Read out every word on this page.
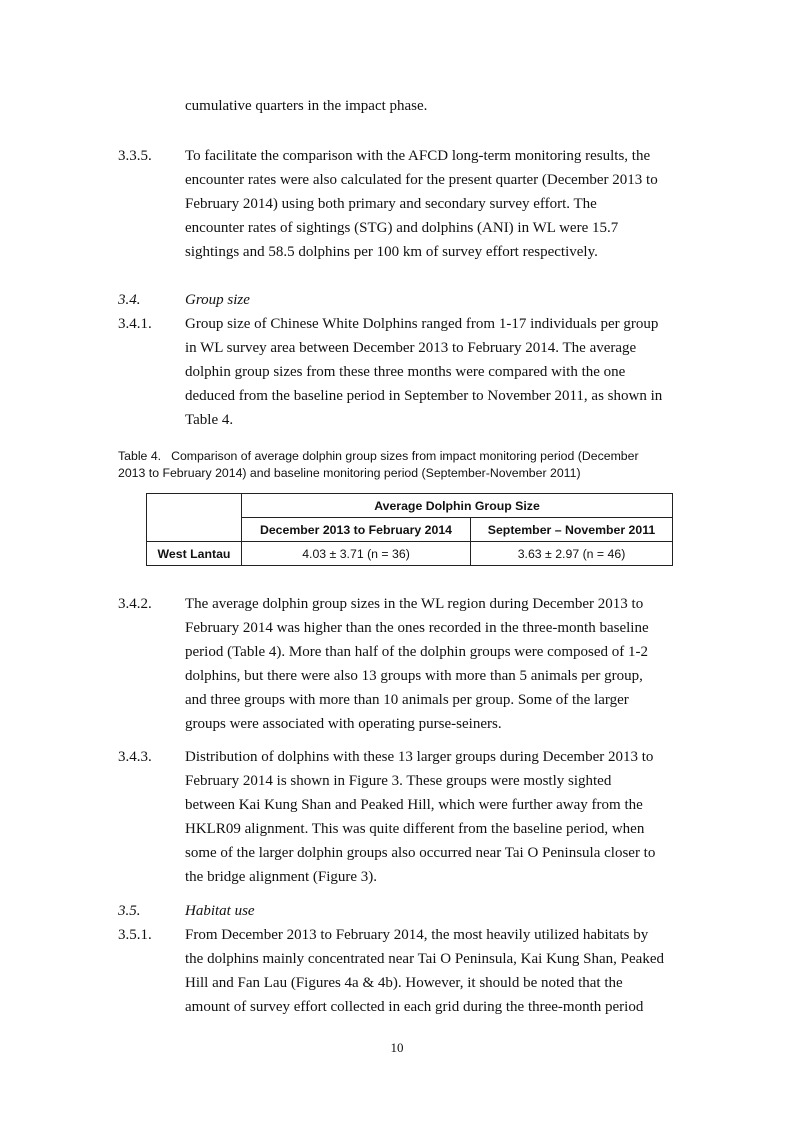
cumulative quarters in the impact phase.
3.3.5. To facilitate the comparison with the AFCD long-term monitoring results, the
encounter rates were also calculated for the present quarter (December 2013 to
February 2014) using both primary and secondary survey effort. The
encounter rates of sightings (STG) and dolphins (ANI) in WL were 15.7
sightings and 58.5 dolphins per 100 km of survey effort respectively.
3.4.	Group size
3.4.1. Group size of Chinese White Dolphins ranged from 1-17 individuals per group
in WL survey area between December 2013 to February 2014. The average
dolphin group sizes from these three months were compared with the one
deduced from the baseline period in September to November 2011, as shown in
Table 4.
Table 4. Comparison of average dolphin group sizes from impact monitoring period (December
2013 to February 2014) and baseline monitoring period (September-November 2011)
	Average Dolphin Group Size	
	December 2013 to February 2014	September – November 2011
West Lantau	4.03 ± 3.71 (n = 36)	3.63 ± 2.97 (n = 46)
3.4.2. The average dolphin group sizes in the WL region during December 2013 to
February 2014 was higher than the ones recorded in the three-month baseline
period (Table 4). More than half of the dolphin groups were composed of 1-2
dolphins, but there were also 13 groups with more than 5 animals per group,
and three groups with more than 10 animals per group. Some of the larger
groups were associated with operating purse-seiners.
3.4.3. Distribution of dolphins with these 13 larger groups during December 2013 to
February 2014 is shown in Figure 3. These groups were mostly sighted
between Kai Kung Shan and Peaked Hill, which were further away from the
HKLR09 alignment. This was quite different from the baseline period, when
some of the larger dolphin groups also occurred near Tai O Peninsula closer to
the bridge alignment (Figure 3).
3.5.	Habitat use
3.5.1. From December 2013 to February 2014, the most heavily utilized habitats by
the dolphins mainly concentrated near Tai O Peninsula, Kai Kung Shan, Peaked
Hill and Fan Lau (Figures 4a & 4b). However, it should be noted that the
amount of survey effort collected in each grid during the three-month period
10
